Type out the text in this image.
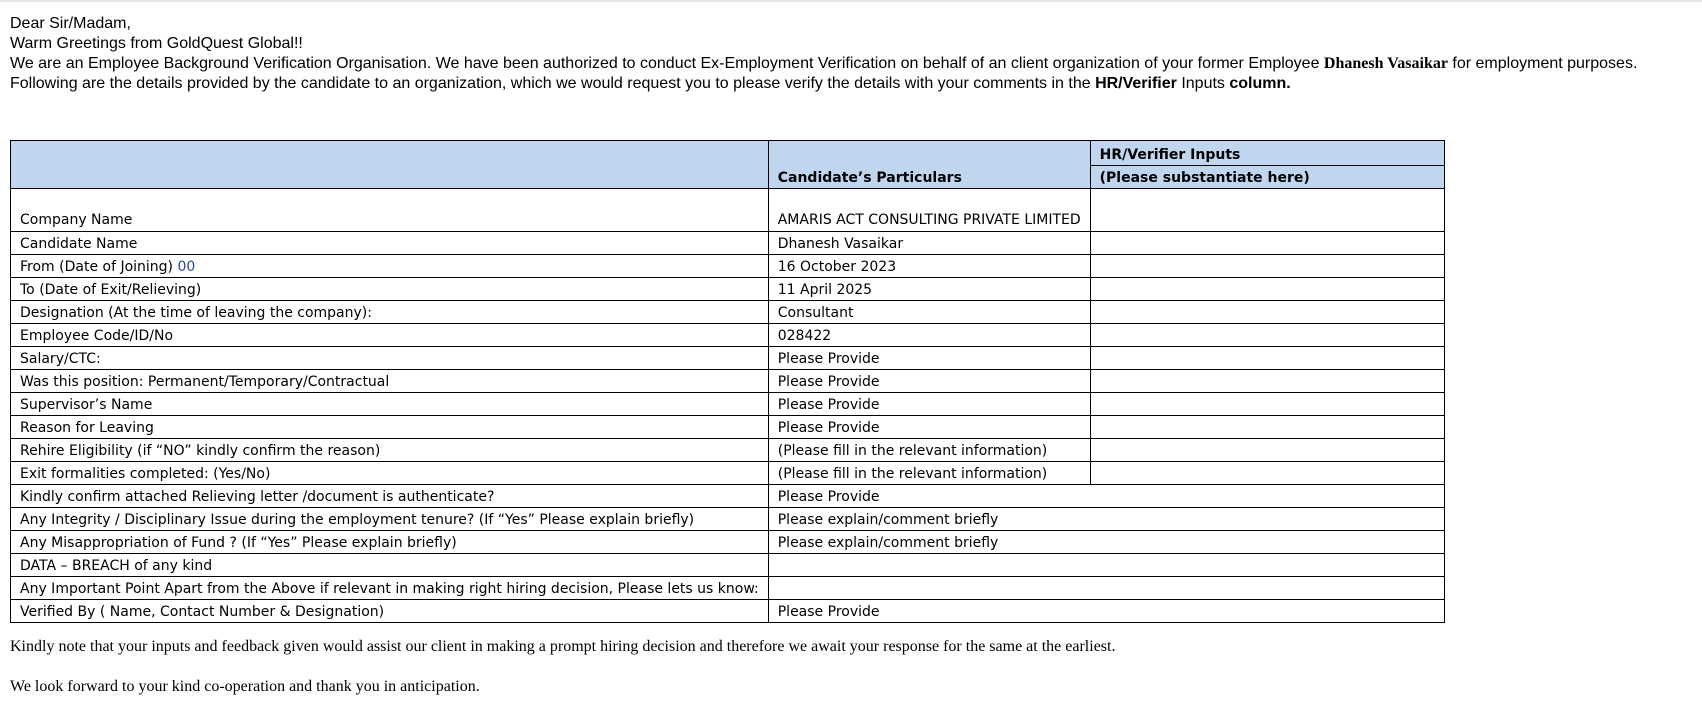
Dear Sir/Madam,
Warm Greetings from GoldQuest Global!!
We are an Employee Background Verification Organisation. We have been authorized to conduct Ex-Employment Verification on behalf of an client organization of your former Employee Dhanesh Vasaikar for employment purposes.
Following are the details provided by the candidate to an organization, which we would request you to please verify the details with your comments in the HR/Verifier Inputs column.
	Candidate’s Particulars	HR/Verifier Inputs
		(Please substantiate here)
Company Name	AMARIS ACT CONSULTING PRIVATE LIMITED	
Candidate Name	Dhanesh Vasaikar	
From (Date of Joining) 00	16 October 2023	
To (Date of Exit/Relieving)	11 April 2025	
Designation (At the time of leaving the company):	Consultant	
Employee Code/ID/No	028422	
Salary/CTC:	Please Provide	
Was this position: Permanent/Temporary/Contractual	Please Provide	
Supervisor’s Name	Please Provide	
Reason for Leaving	Please Provide	
Rehire Eligibility (if “NO” kindly confirm the reason)	(Please fill in the relevant information)	
Exit formalities completed: (Yes/No)	(Please fill in the relevant information)	
Kindly confirm attached Relieving letter /document is authenticate?	Please Provide	
Any Integrity / Disciplinary Issue during the employment tenure? (If “Yes” Please explain briefly)	Please explain/comment briefly	
Any Misappropriation of Fund ? (If “Yes” Please explain briefly)	Please explain/comment briefly	
DATA – BREACH of any kind		
Any Important Point Apart from the Above if relevant in making right hiring decision, Please lets us know:		
Verified By ( Name, Contact Number & Designation)	Please Provide	
Kindly note that your inputs and feedback given would assist our client in making a prompt hiring decision and therefore we await your response for the same at the earliest.
We look forward to your kind co-operation and thank you in anticipation.
